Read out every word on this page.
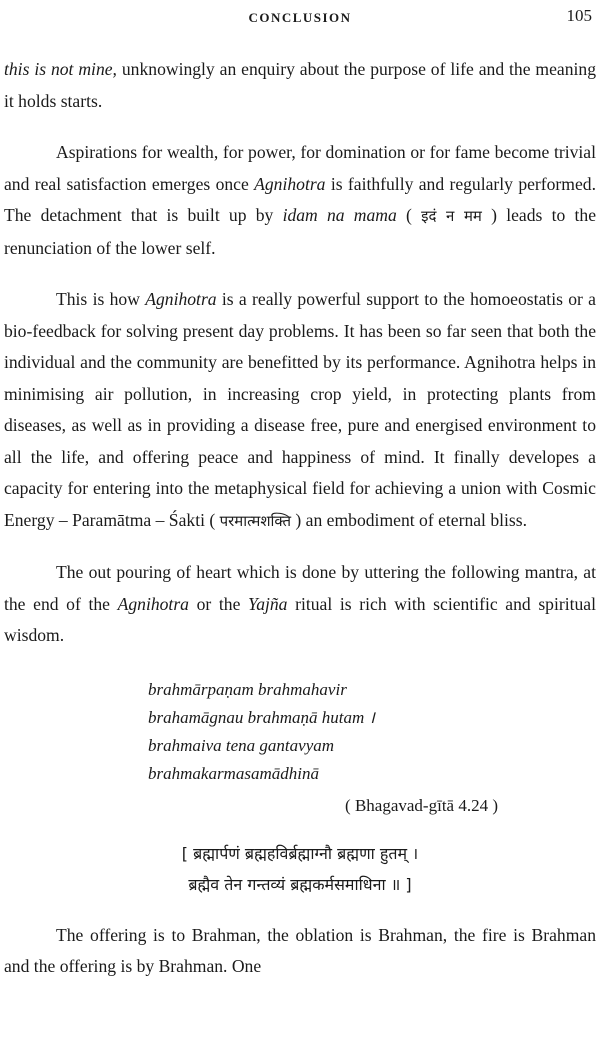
CONCLUSION	105

this is not mine, unknowingly an enquiry about the purpose of life and the meaning it holds starts.

Aspirations for wealth, for power, for domination or for fame become trivial and real satisfaction emerges once Agnihotra is faithfully and regularly performed. The detachment that is built up by idam na mama ( इदं न मम ) leads to the renunciation of the lower self.

This is how Agnihotra is a really powerful support to the homoeostatis or a bio-feedback for solving present day problems. It has been so far seen that both the individual and the community are benefitted by its performance. Agnihotra helps in minimising air pollution, in increasing crop yield, in protecting plants from diseases, as well as in providing a disease free, pure and energised environment to all the life, and offering peace and happiness of mind. It finally developes a capacity for entering into the metaphysical field for achieving a union with Cosmic Energy – Paramātma – Śakti ( परमात्मशक्ति ) an embodiment of eternal bliss.

The out pouring of heart which is done by uttering the following mantra, at the end of the Agnihotra or the Yajña ritual is rich with scientific and spiritual wisdom.

brahmārpaṇam brahmahavir
brahamāgnau brahmaṇā hutam ।
brahmaiva tena gantavyam
brahmakarmasamādhinā
( Bhagavad-gītā 4.24 )
[ ब्रह्मार्पणं ब्रह्महविर्ब्रह्माग्नौ ब्रह्मणा हुतम् ।
ब्रह्मैव तेन गन्तव्यं ब्रह्मकर्मसमाधिना ॥ ]

The offering is to Brahman, the oblation is Brahman, the fire is Brahman and the offering is by Brahman. One
